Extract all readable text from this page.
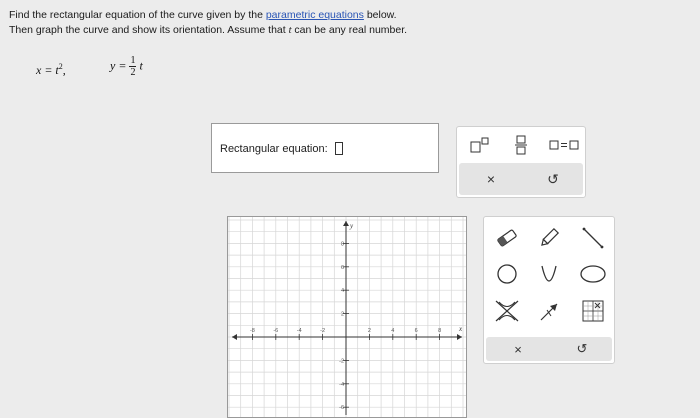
Find the rectangular equation of the curve given by the parametric equations below.
Then graph the curve and show its orientation. Assume that t can be any real number.
$x = t^2$,	$y = \frac{1}{2}$ t
Rectangular equation:
×	↺
x
y
-8	-6	-4	-2	2	4	6	8
8
6
4
2
-2
-4
-6
×	↺
